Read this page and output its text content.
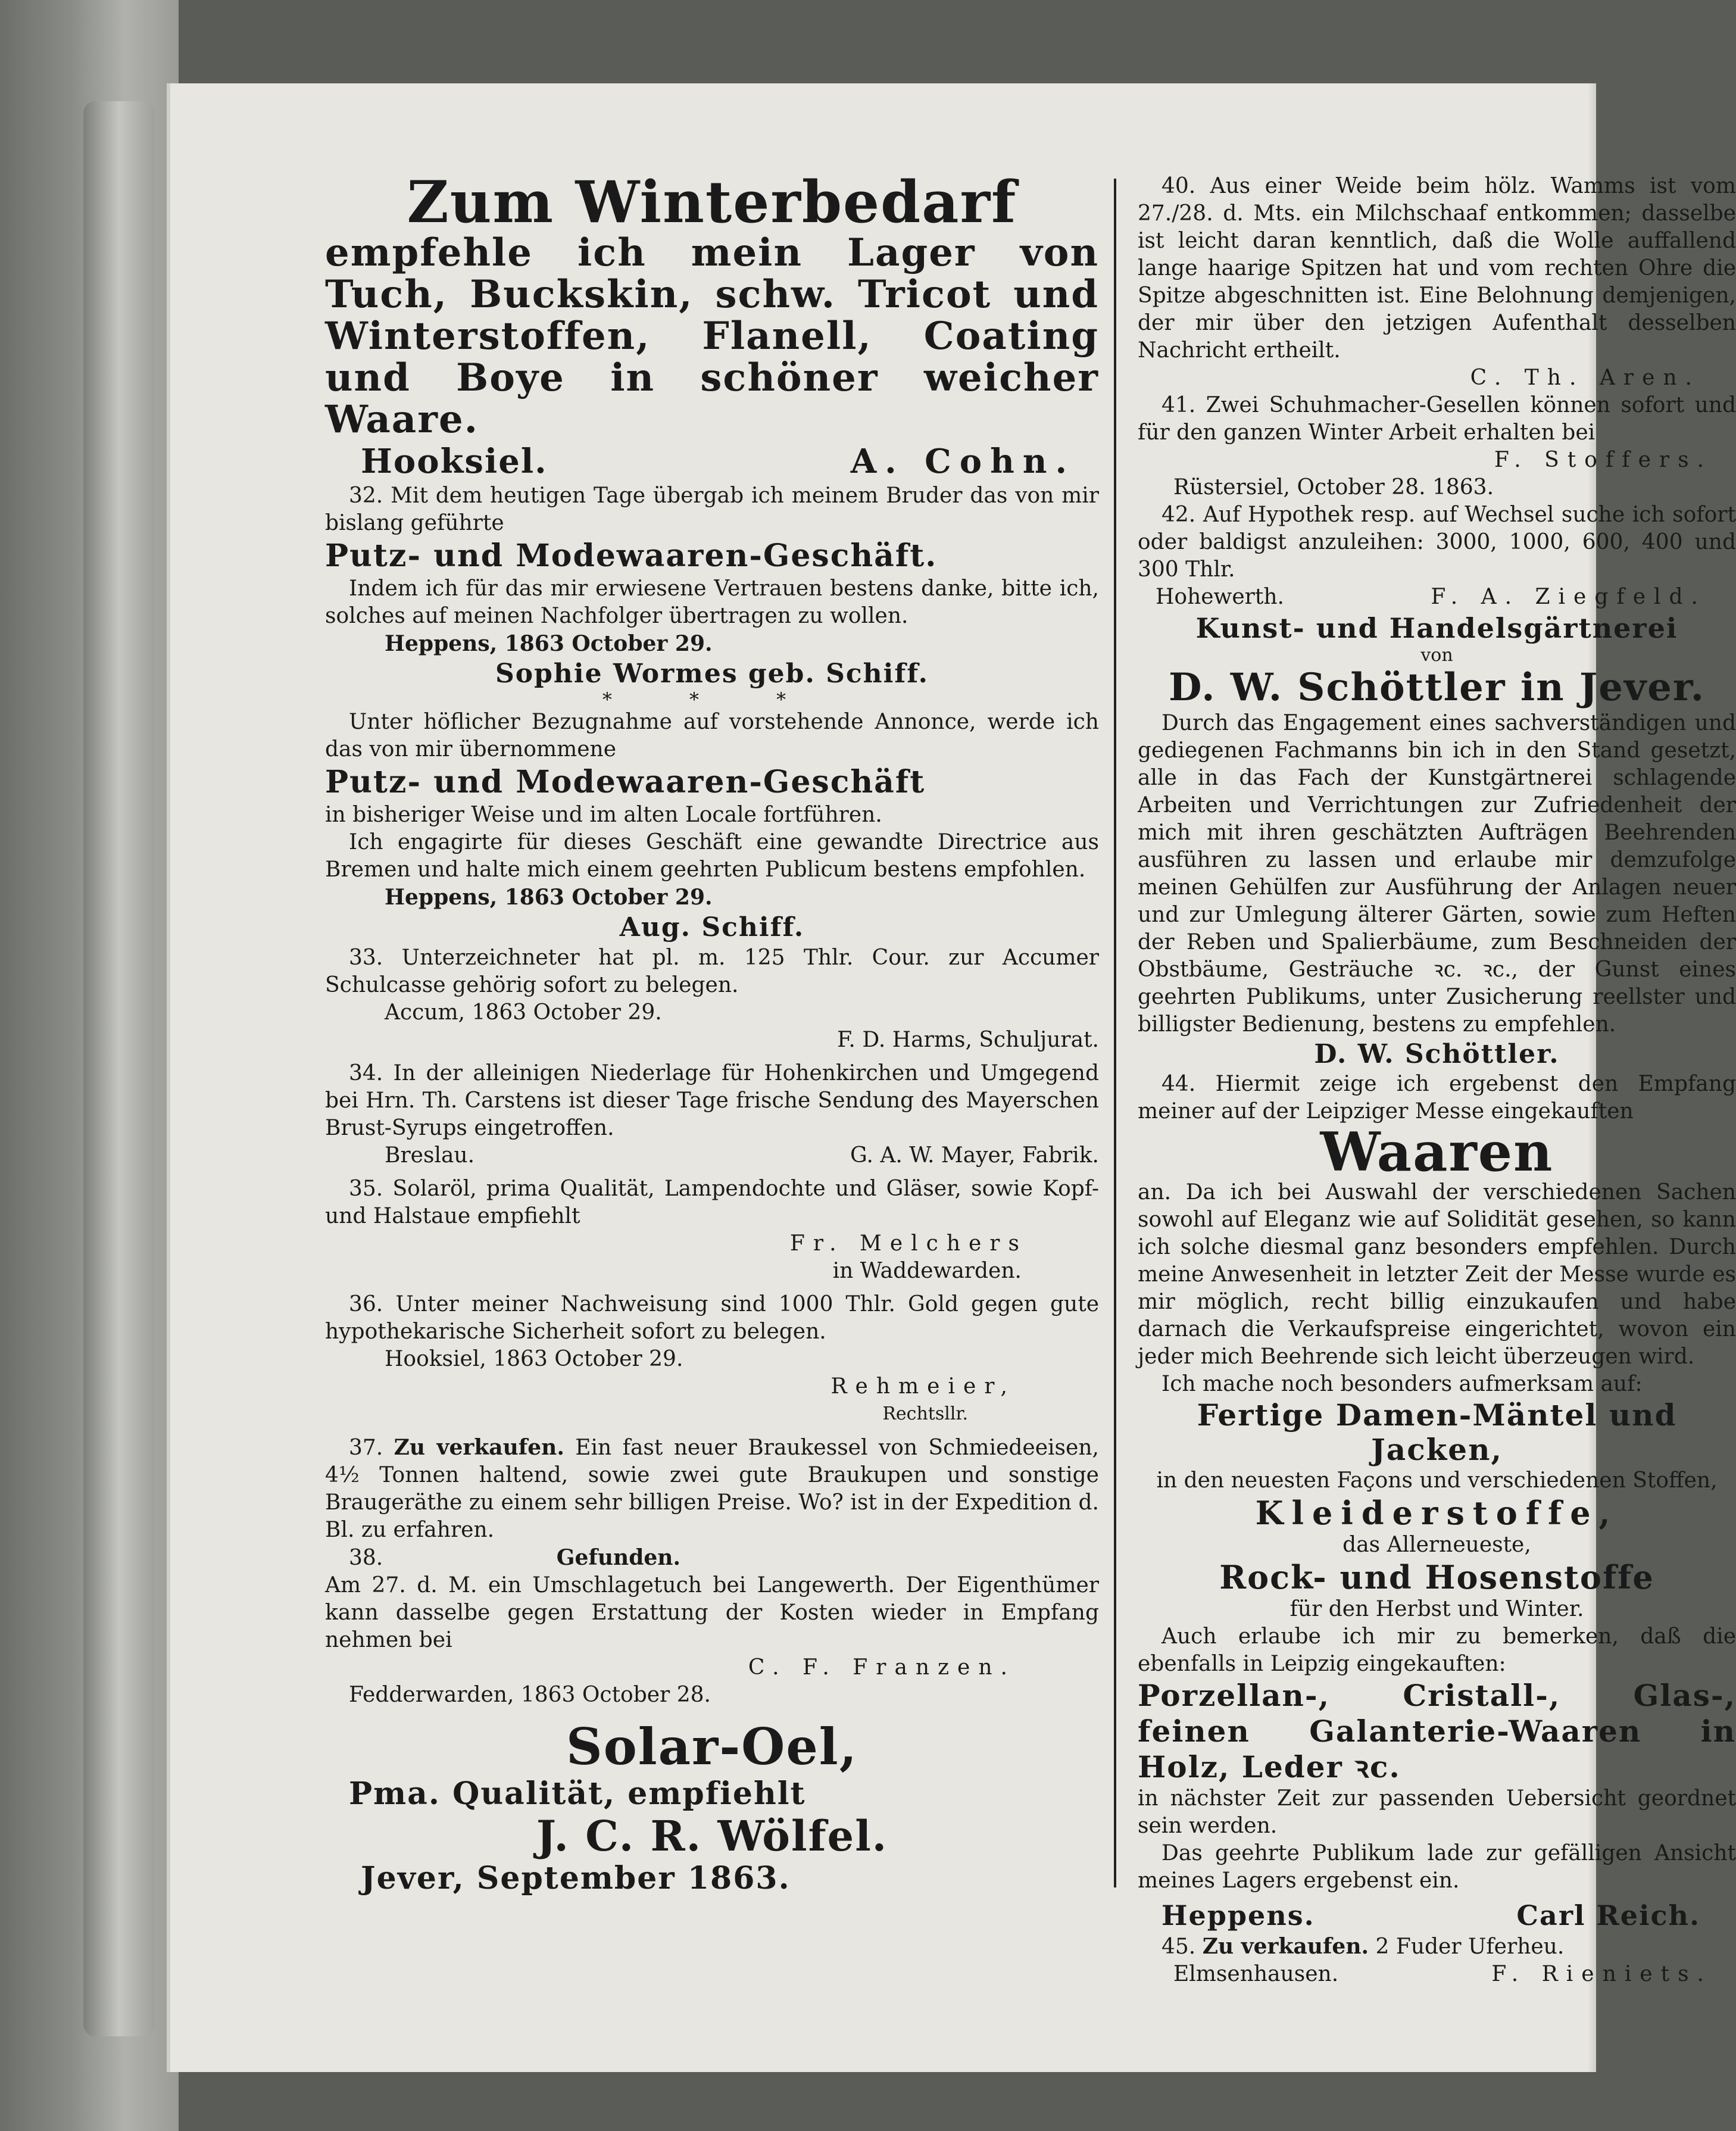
Zum Winterbedarf

empfehle ich mein Lager von Tuch, Buckskin, schw. Tricot und Winterstoffen, Flanell, Coating und Boye in schöner weicher Waare.

Hooksiel.	A. Cohn.

32. Mit dem heutigen Tage übergab ich meinem Bruder das von mir bislang geführte

Putz- und Modewaaren-Geschäft.

Indem ich für das mir erwiesene Vertrauen bestens danke, bitte ich, solches auf meinen Nachfolger übertragen zu wollen.

Heppens, 1863 October 29.

Sophie Wormes geb. Schiff.

* * *

Unter höflicher Bezugnahme auf vorstehende Annonce, werde ich das von mir übernommene

Putz- und Modewaaren-Geschäft

in bisheriger Weise und im alten Locale fortführen.

Ich engagirte für dieses Geschäft eine gewandte Directrice aus Bremen und halte mich einem geehrten Publicum bestens empfohlen.

Heppens, 1863 October 29.

Aug. Schiff.

33. Unterzeichneter hat pl. m. 125 Thlr. Cour. zur Accumer Schulcasse gehörig sofort zu belegen.

Accum, 1863 October 29.

F. D. Harms, Schuljurat.

34. In der alleinigen Niederlage für Hohenkirchen und Umgegend bei Hrn. Th. Carstens ist dieser Tage frische Sendung des Mayerschen Brust-Syrups eingetroffen.

Breslau.	G. A. W. Mayer, Fabrik.

35. Solaröl, prima Qualität, Lampendochte und Gläser, sowie Kopf- und Halstaue empfiehlt

Fr. Melchers

in Waddewarden.

36. Unter meiner Nachweisung sind 1000 Thlr. Gold gegen gute hypothekarische Sicherheit sofort zu belegen.

Hooksiel, 1863 October 29.

Rehmeier,

Rechtsllr.

37. Zu verkaufen. Ein fast neuer Braukessel von Schmiedeeisen, 4½ Tonnen haltend, sowie zwei gute Braukupen und sonstige Braugeräthe zu einem sehr billigen Preise. Wo? ist in der Expedition d. Bl. zu erfahren.

38.	Gefunden.

Am 27. d. M. ein Umschlagetuch bei Langewerth. Der Eigenthümer kann dasselbe gegen Erstattung der Kosten wieder in Empfang nehmen bei

C. F. Franzen.

Fedderwarden, 1863 October 28.

Solar-Oel,

Pma. Qualität, empfiehlt

J. C. R. Wölfel.

Jever, September 1863.

40. Aus einer Weide beim hölz. Wamms ist vom 27./28. d. Mts. ein Milchschaaf entkommen; dasselbe ist leicht daran kenntlich, daß die Wolle auffallend lange haarige Spitzen hat und vom rechten Ohre die Spitze abgeschnitten ist. Eine Belohnung demjenigen, der mir über den jetzigen Aufenthalt desselben Nachricht ertheilt.

C. Th. Aren.

41. Zwei Schuhmacher-Gesellen können sofort und für den ganzen Winter Arbeit erhalten bei

F. Stoffers.

Rüstersiel, October 28. 1863.

42. Auf Hypothek resp. auf Wechsel suche ich sofort oder baldigst anzuleihen: 3000, 1000, 600, 400 und 300 Thlr.

Hohewerth.	F. A. Ziegfeld.

Kunst- und Handelsgärtnerei

von

D. W. Schöttler in Jever.

Durch das Engagement eines sachverständigen und gediegenen Fachmanns bin ich in den Stand gesetzt, alle in das Fach der Kunstgärtnerei schlagende Arbeiten und Verrichtungen zur Zufriedenheit der mich mit ihren geschätzten Aufträgen Beehrenden ausführen zu lassen und erlaube mir demzufolge meinen Gehülfen zur Ausführung der Anlagen neuer und zur Umlegung älterer Gärten, sowie zum Heften der Reben und Spalierbäume, zum Beschneiden der Obstbäume, Gesträuche ꝛc. ꝛc., der Gunst eines geehrten Publikums, unter Zusicherung reellster und billigster Bedienung, bestens zu empfehlen.

D. W. Schöttler.

44. Hiermit zeige ich ergebenst den Empfang meiner auf der Leipziger Messe eingekauften

Waaren

an. Da ich bei Auswahl der verschiedenen Sachen sowohl auf Eleganz wie auf Solidität gesehen, so kann ich solche diesmal ganz besonders empfehlen. Durch meine Anwesenheit in letzter Zeit der Messe wurde es mir möglich, recht billig einzukaufen und habe darnach die Verkaufspreise eingerichtet, wovon ein jeder mich Beehrende sich leicht überzeugen wird.

Ich mache noch besonders aufmerksam auf:

Fertige Damen-Mäntel und Jacken,

in den neuesten Façons und verschiedenen Stoffen,

Kleiderstoffe,

das Allerneueste,

Rock- und Hosenstoffe

für den Herbst und Winter.

Auch erlaube ich mir zu bemerken, daß die ebenfalls in Leipzig eingekauften:

Porzellan-, Cristall-, Glas-, feinen Galanterie-Waaren in Holz, Leder ꝛc.

in nächster Zeit zur passenden Uebersicht geordnet sein werden.

Das geehrte Publikum lade zur gefälligen Ansicht meines Lagers ergebenst ein.

Heppens.	Carl Reich.

45. Zu verkaufen. 2 Fuder Uferheu.

Elmsenhausen.	F. Rieniets.
